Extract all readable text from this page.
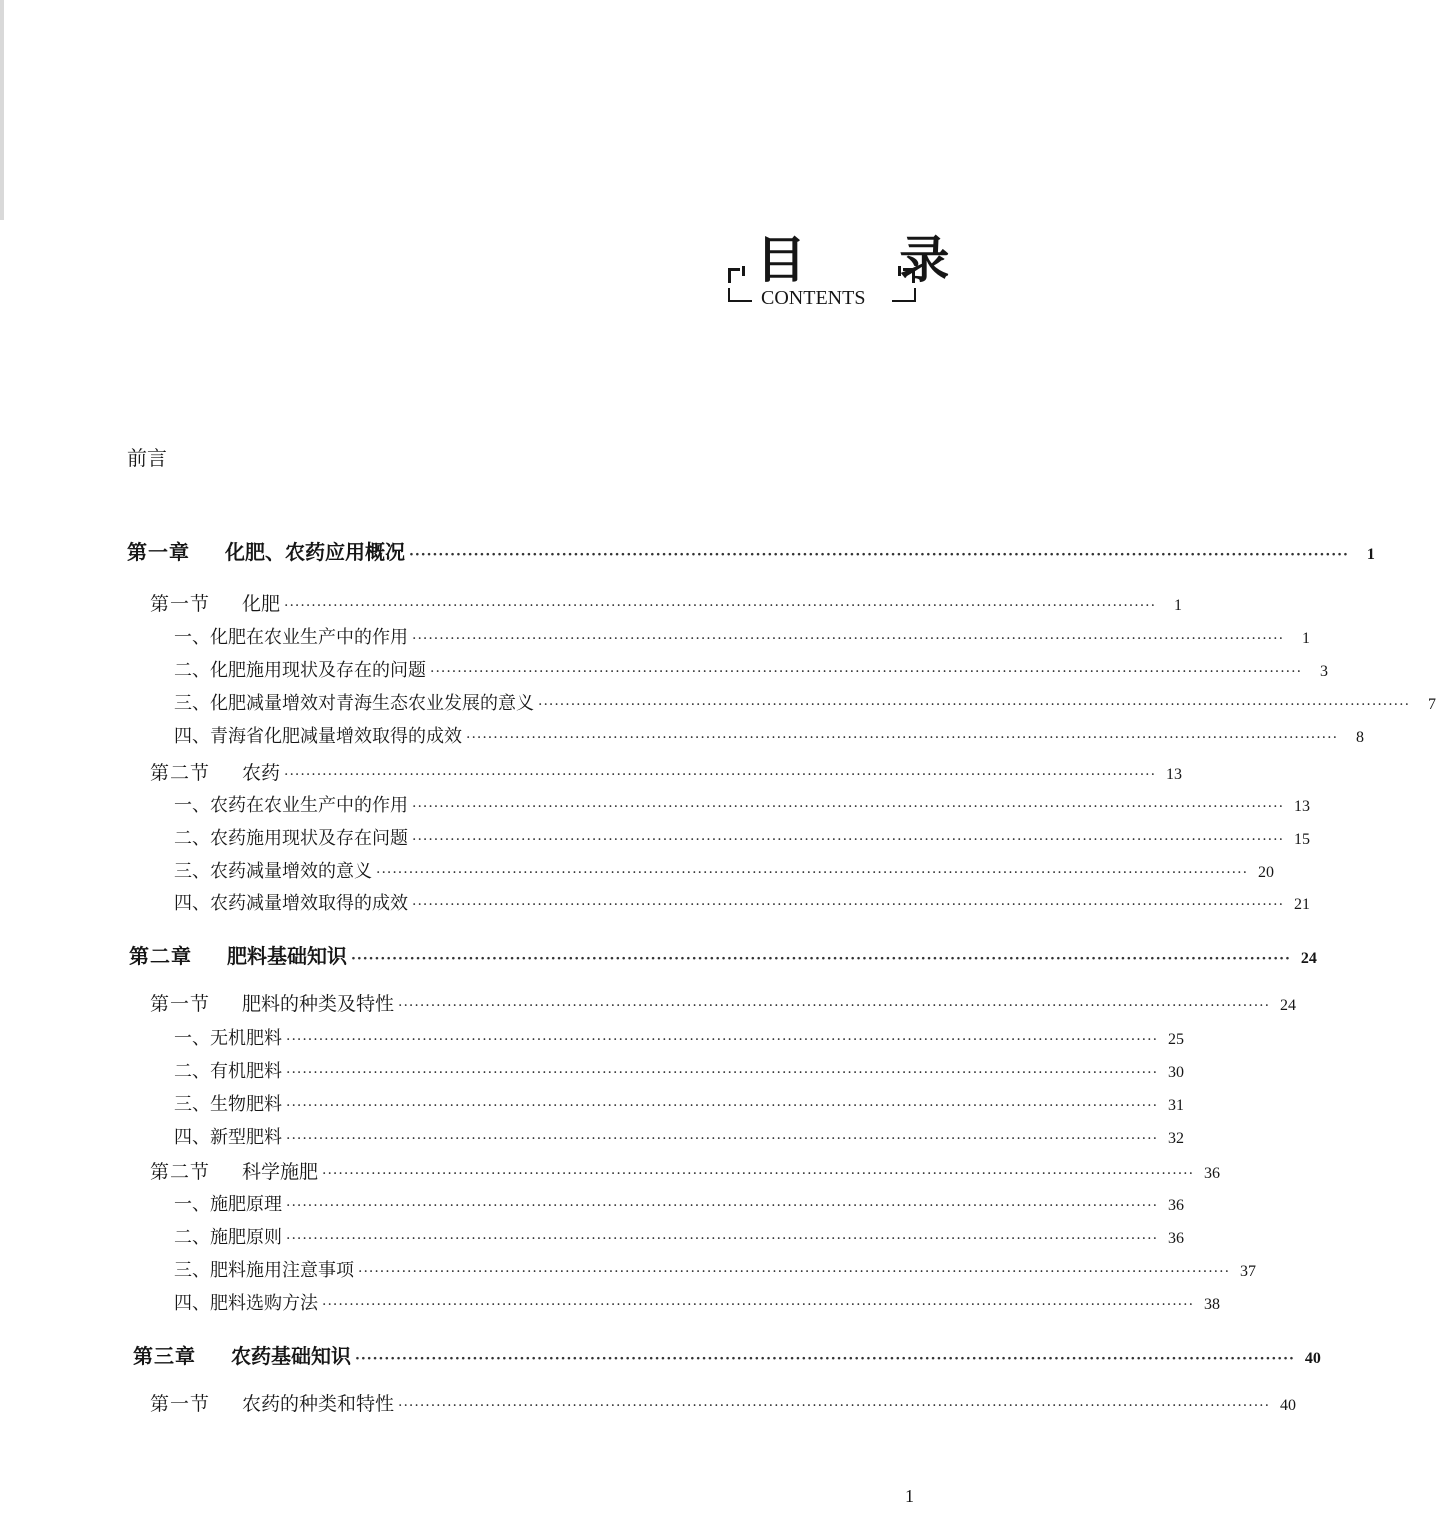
目 录
CONTENTS
前言
第一章	化肥、农药应用概况 ································································································································································	1
第一节	化肥 ································································································································································	1
一、化肥在农业生产中的作用 ································································································································································	1
二、化肥施用现状及存在的问题 ································································································································································	3
三、化肥减量增效对青海生态农业发展的意义 ································································································································································	7
四、青海省化肥减量增效取得的成效 ································································································································································	8
第二节	农药 ································································································································································ 13
一、农药在农业生产中的作用 ································································································································································ 13
二、农药施用现状及存在问题 ································································································································································ 15
三、农药减量增效的意义 ································································································································································ 20
四、农药减量增效取得的成效 ································································································································································ 21
第二章	肥料基础知识 ································································································································································ 24
第一节	肥料的种类及特性 ································································································································································ 24
一、无机肥料 ································································································································································ 25
二、有机肥料 ································································································································································ 30
三、生物肥料 ································································································································································ 31
四、新型肥料 ································································································································································ 32
第二节	科学施肥 ································································································································································ 36
一、施肥原理 ································································································································································ 36
二、施肥原则 ································································································································································ 36
三、肥料施用注意事项 ································································································································································ 37
四、肥料选购方法 ································································································································································ 38
第三章	农药基础知识 ································································································································································ 40
第一节	农药的种类和特性 ································································································································································ 40
1
